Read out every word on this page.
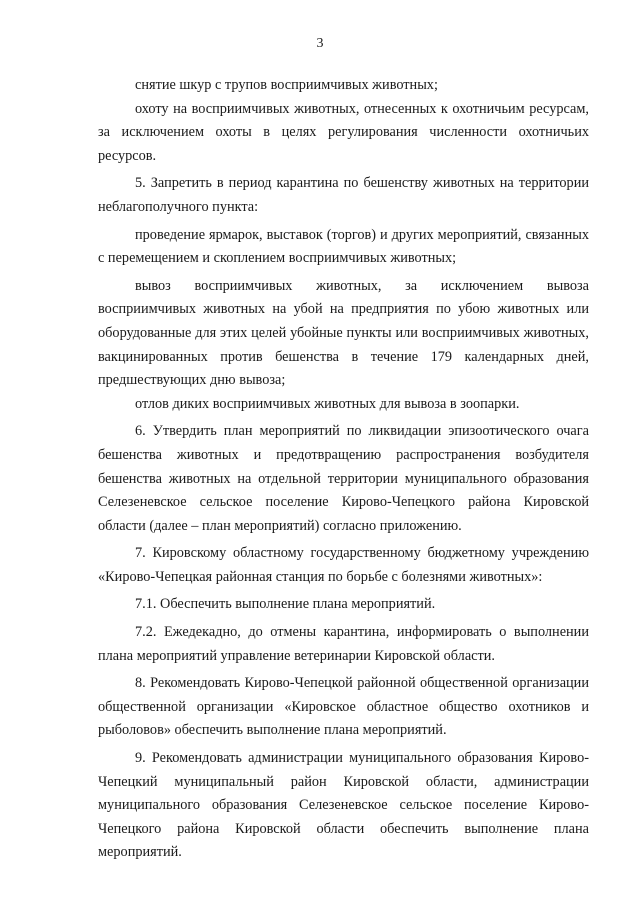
3

снятие шкур с трупов восприимчивых животных;

охоту на восприимчивых животных, отнесенных к охотничьим ресурсам, за исключением охоты в целях регулирования численности охотничьих ресурсов.

5. Запретить в период карантина по бешенству животных на территории неблагополучного пункта:

проведение ярмарок, выставок (торгов) и других мероприятий, связанных с перемещением и скоплением восприимчивых животных;

вывоз восприимчивых животных, за исключением вывоза восприимчивых животных на убой на предприятия по убою животных или оборудованные для этих целей убойные пункты или восприимчивых животных, вакцинированных против бешенства в течение 179 календарных дней, предшествующих дню вывоза;

отлов диких восприимчивых животных для вывоза в зоопарки.

6. Утвердить план мероприятий по ликвидации эпизоотического очага бешенства животных и предотвращению распространения возбудителя бешенства животных на отдельной территории муниципального образования Селезеневское сельское поселение Кирово-Чепецкого района Кировской области (далее – план мероприятий) согласно приложению.

7. Кировскому областному государственному бюджетному учреждению «Кирово-Чепецкая районная станция по борьбе с болезнями животных»:

7.1. Обеспечить выполнение плана мероприятий.

7.2. Ежедекадно, до отмены карантина, информировать о выполнении плана мероприятий управление ветеринарии Кировской области.

8. Рекомендовать Кирово-Чепецкой районной общественной организации общественной организации «Кировское областное общество охотников и рыболовов» обеспечить выполнение плана мероприятий.

9. Рекомендовать администрации муниципального образования Кирово-Чепецкий муниципальный район Кировской области, администрации муниципального образования Селезеневское сельское поселение Кирово-Чепецкого района Кировской области обеспечить выполнение плана мероприятий.
